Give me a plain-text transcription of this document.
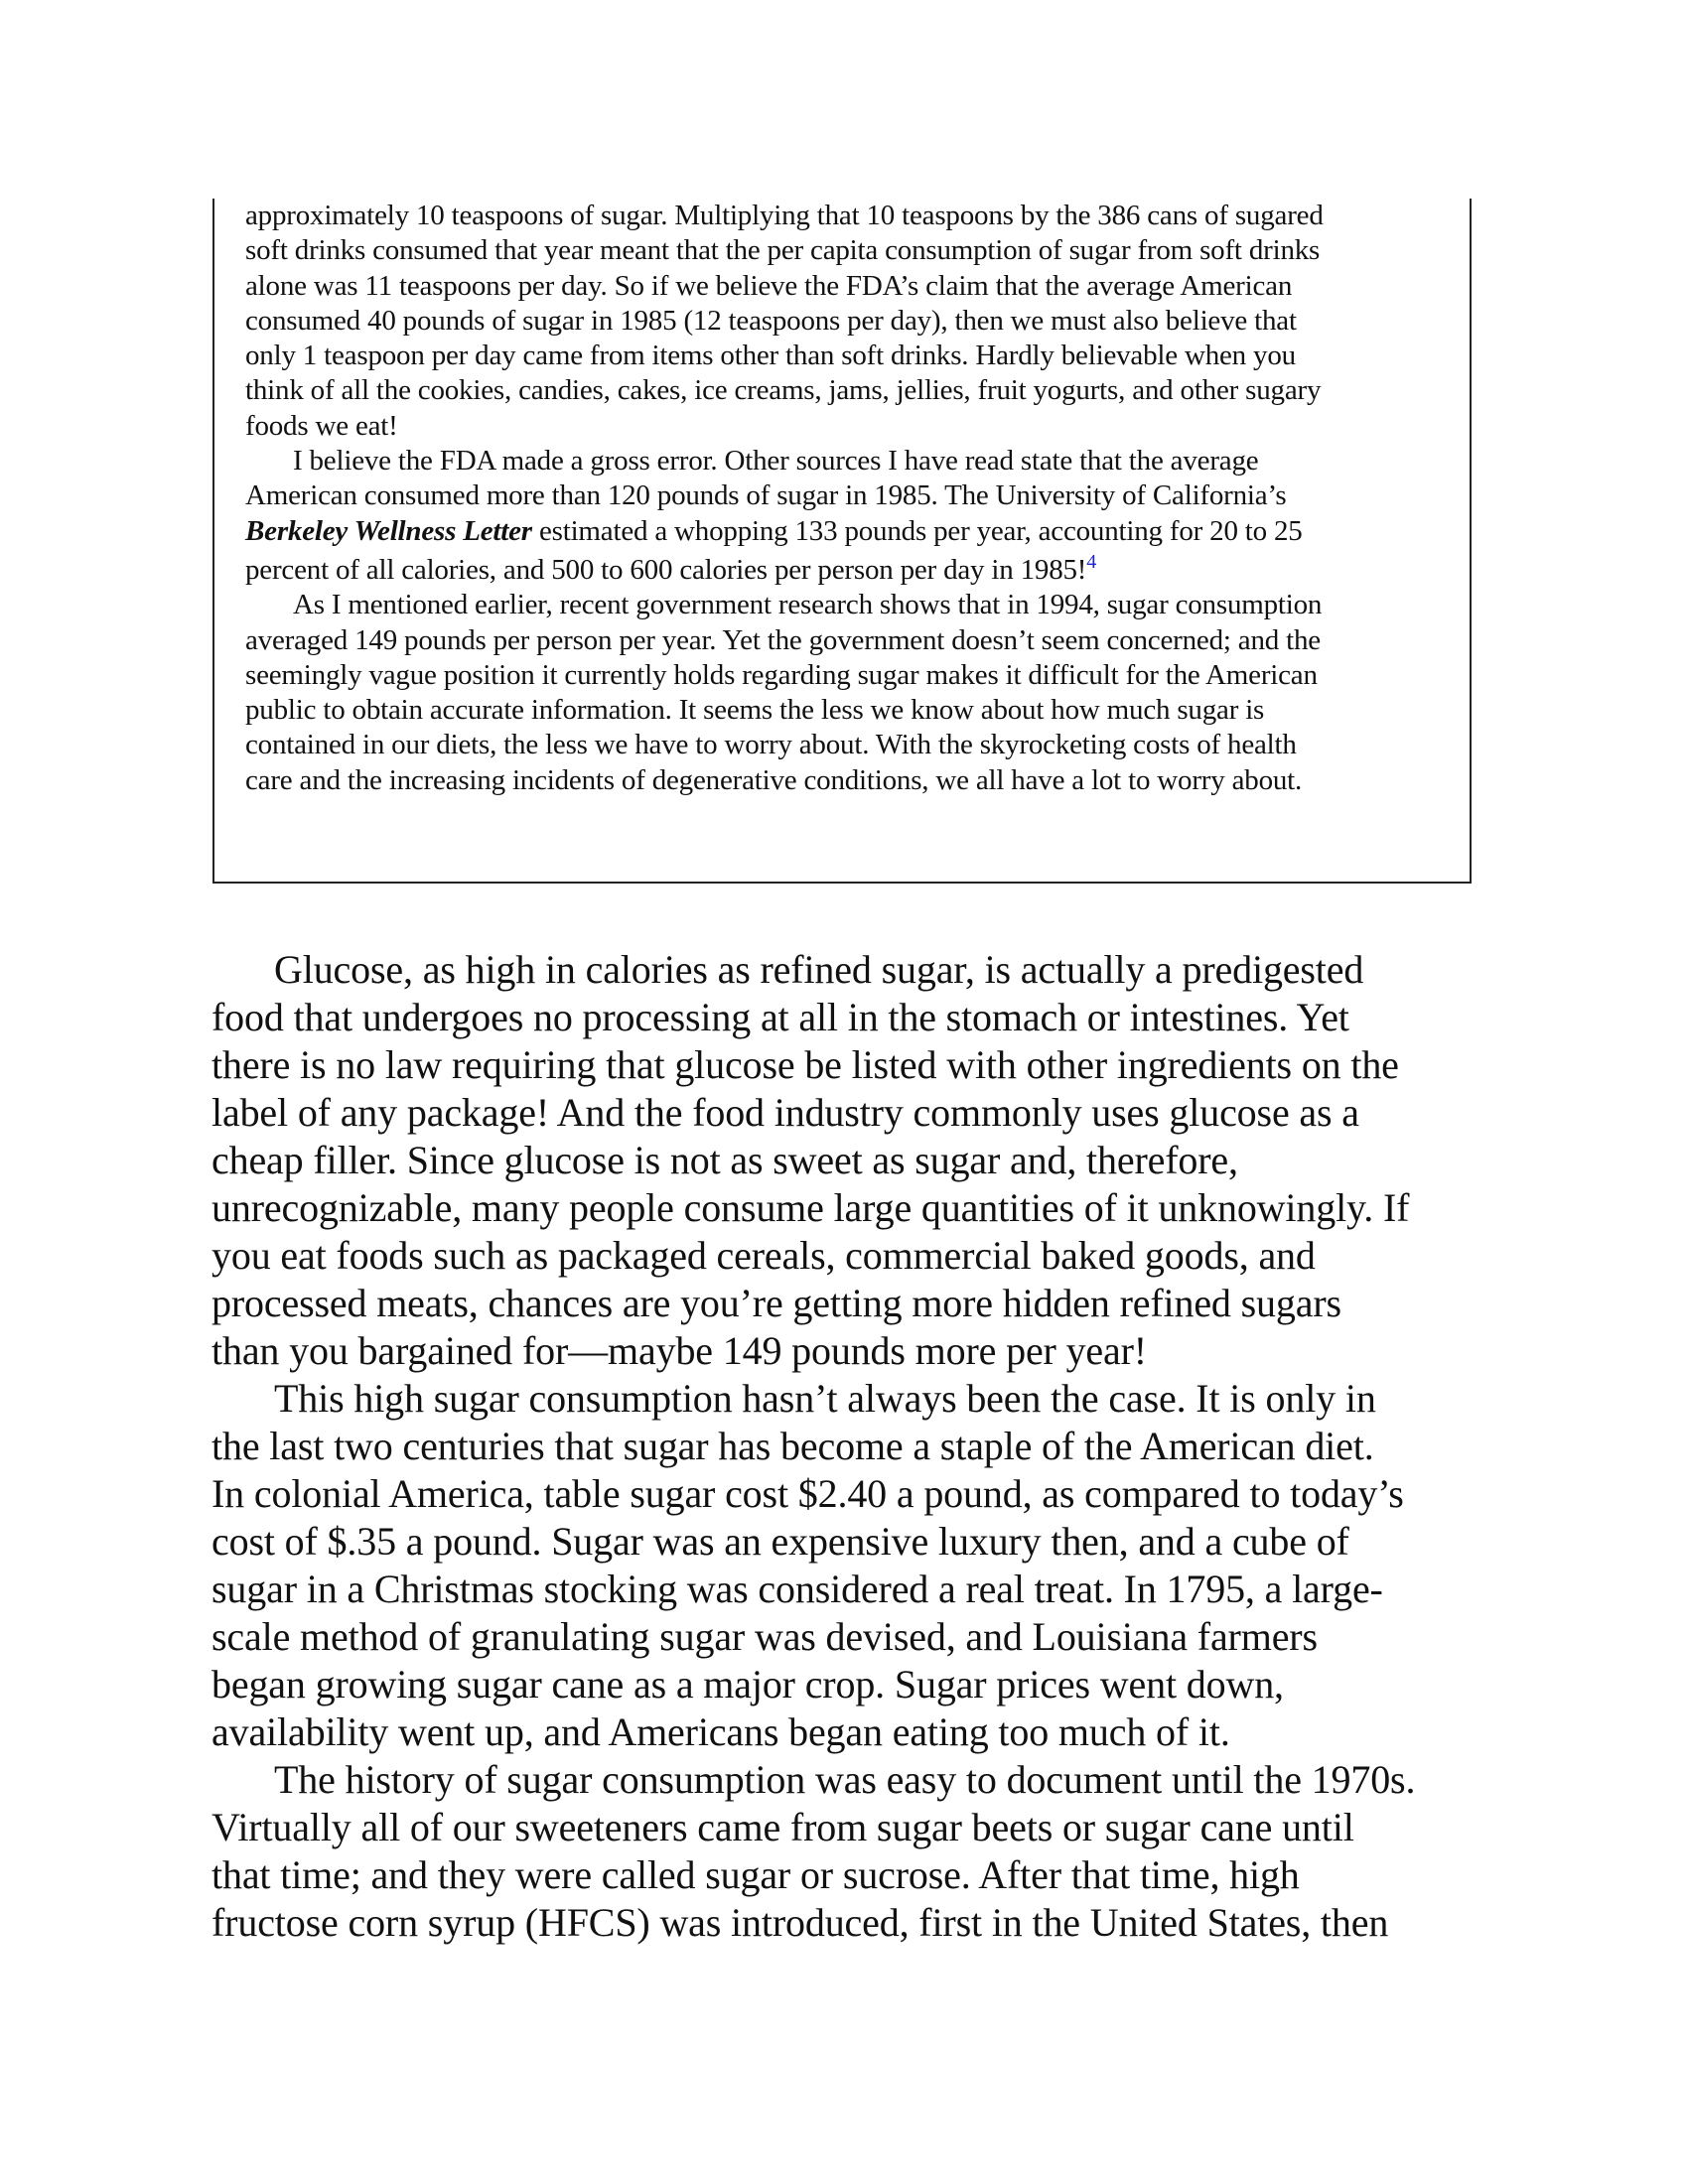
approximately 10 teaspoons of sugar. Multiplying that 10 teaspoons by the 386 cans of sugared
soft drinks consumed that year meant that the per capita consumption of sugar from soft drinks
alone was 11 teaspoons per day. So if we believe the FDA’s claim that the average American
consumed 40 pounds of sugar in 1985 (12 teaspoons per day), then we must also believe that
only 1 teaspoon per day came from items other than soft drinks. Hardly believable when you
think of all the cookies, candies, cakes, ice creams, jams, jellies, fruit yogurts, and other sugary
foods we eat!

I believe the FDA made a gross error. Other sources I have read state that the average
American consumed more than 120 pounds of sugar in 1985. The University of California’s
Berkeley Wellness Letter estimated a whopping 133 pounds per year, accounting for 20 to 25
percent of all calories, and 500 to 600 calories per person per day in 1985!$^4$

As I mentioned earlier, recent government research shows that in 1994, sugar consumption
averaged 149 pounds per person per year. Yet the government doesn’t seem concerned; and the
seemingly vague position it currently holds regarding sugar makes it difficult for the American
public to obtain accurate information. It seems the less we know about how much sugar is
contained in our diets, the less we have to worry about. With the skyrocketing costs of health
care and the increasing incidents of degenerative conditions, we all have a lot to worry about.

Glucose, as high in calories as refined sugar, is actually a predigested
food that undergoes no processing at all in the stomach or intestines. Yet
there is no law requiring that glucose be listed with other ingredients on the
label of any package! And the food industry commonly uses glucose as a
cheap filler. Since glucose is not as sweet as sugar and, therefore,
unrecognizable, many people consume large quantities of it unknowingly. If
you eat foods such as packaged cereals, commercial baked goods, and
processed meats, chances are you’re getting more hidden refined sugars
than you bargained for—maybe 149 pounds more per year!

This high sugar consumption hasn’t always been the case. It is only in
the last two centuries that sugar has become a staple of the American diet.
In colonial America, table sugar cost $2.40 a pound, as compared to today’s
cost of $.35 a pound. Sugar was an expensive luxury then, and a cube of
sugar in a Christmas stocking was considered a real treat. In 1795, a large-
scale method of granulating sugar was devised, and Louisiana farmers
began growing sugar cane as a major crop. Sugar prices went down,
availability went up, and Americans began eating too much of it.

The history of sugar consumption was easy to document until the 1970s.
Virtually all of our sweeteners came from sugar beets or sugar cane until
that time; and they were called sugar or sucrose. After that time, high
fructose corn syrup (HFCS) was introduced, first in the United States, then
